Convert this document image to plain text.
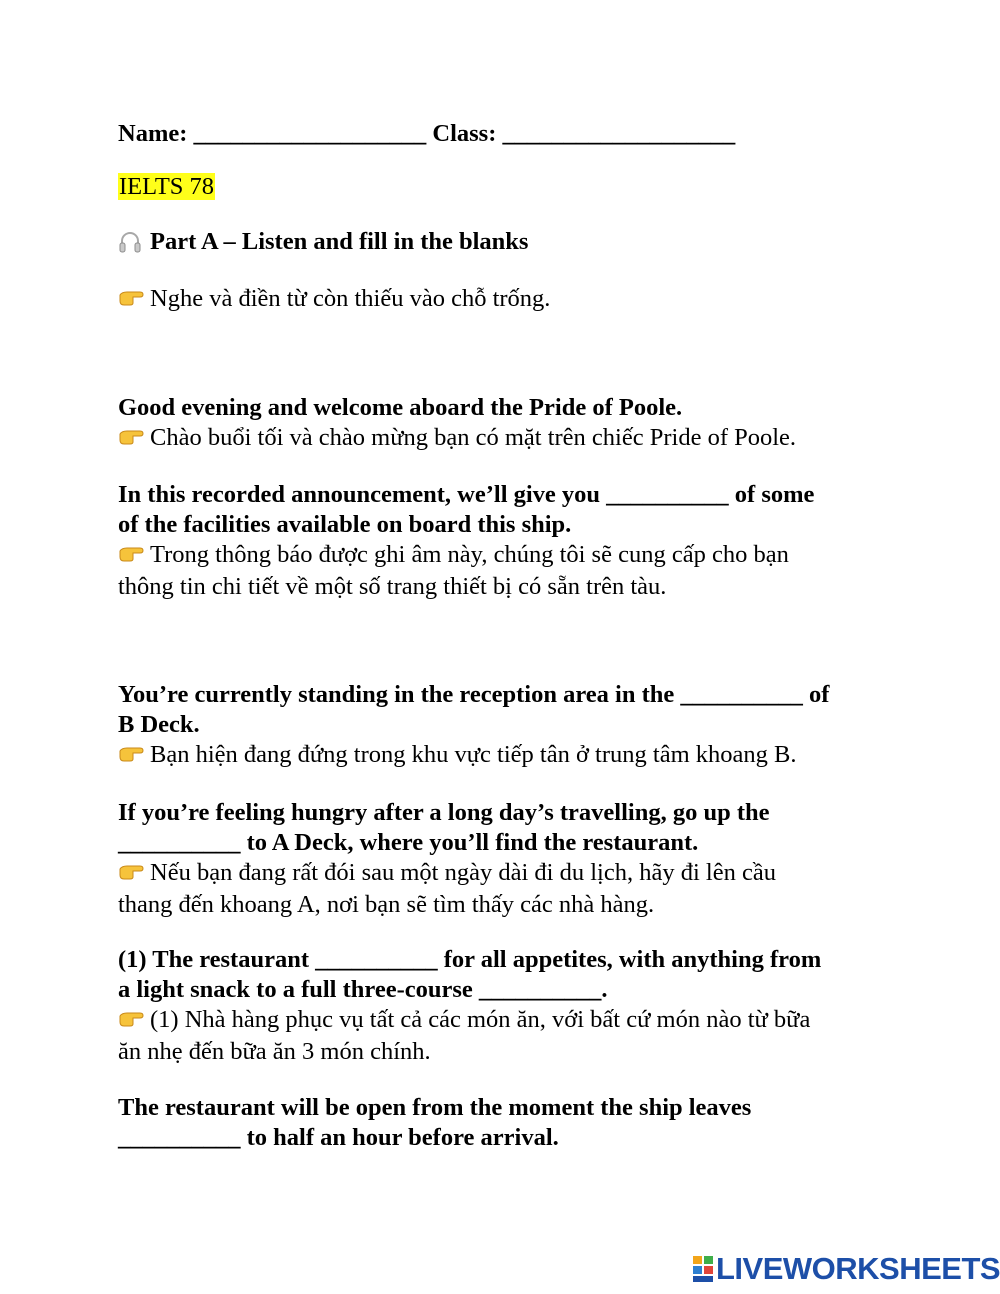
Name: ___________________ Class: ___________________
IELTS 78
Part A – Listen and fill in the blanks
Nghe và điền từ còn thiếu vào chỗ trống.
Good evening and welcome aboard the Pride of Poole.
Chào buổi tối và chào mừng bạn có mặt trên chiếc Pride of Poole.
In this recorded announcement, we’ll give you __________ of some
of the facilities available on board this ship.
Trong thông báo được ghi âm này, chúng tôi sẽ cung cấp cho bạn
thông tin chi tiết về một số trang thiết bị có sẵn trên tàu.
You’re currently standing in the reception area in the __________ of
B Deck.
Bạn hiện đang đứng trong khu vực tiếp tân ở trung tâm khoang B.
If you’re feeling hungry after a long day’s travelling, go up the
__________ to A Deck, where you’ll find the restaurant.
Nếu bạn đang rất đói sau một ngày dài đi du lịch, hãy đi lên cầu
thang đến khoang A, nơi bạn sẽ tìm thấy các nhà hàng.
(1) The restaurant __________ for all appetites, with anything from
a light snack to a full three-course __________.
(1) Nhà hàng phục vụ tất cả các món ăn, với bất cứ món nào từ bữa
ăn nhẹ đến bữa ăn 3 món chính.
The restaurant will be open from the moment the ship leaves
__________ to half an hour before arrival.
LIVEWORKSHEETS
